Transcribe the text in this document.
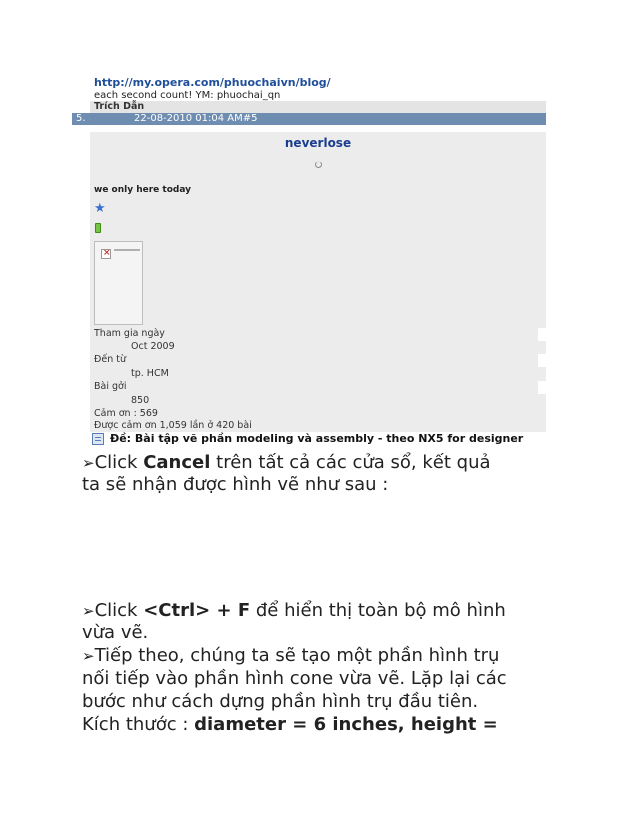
http://my.opera.com/phuochaivn/blog/
each second count! YM: phuochai_qn
Trích Dẫn
5.	22-08-2010 01:04 AM#5
neverlose
we only here today
★
×
Tham gia ngày
Oct 2009
Đến từ
tp. HCM
Bài gởi
850
Cảm ơn : 569
Được cảm ơn 1,059 lần ở 420 bài
Đề: Bài tập vẽ phần modeling và assembly - theo NX5 for designer
➢Click Cancel trên tất cả các cửa sổ, kết quả
ta sẽ nhận được hình vẽ như sau :
➢Click <Ctrl> + F để hiển thị toàn bộ mô hình
vừa vẽ.
➢Tiếp theo, chúng ta sẽ tạo một phần hình trụ
nối tiếp vào phần hình cone vừa vẽ. Lặp lại các
bước như cách dựng phần hình trụ đầu tiên.
Kích thước : diameter = 6 inches, height =
